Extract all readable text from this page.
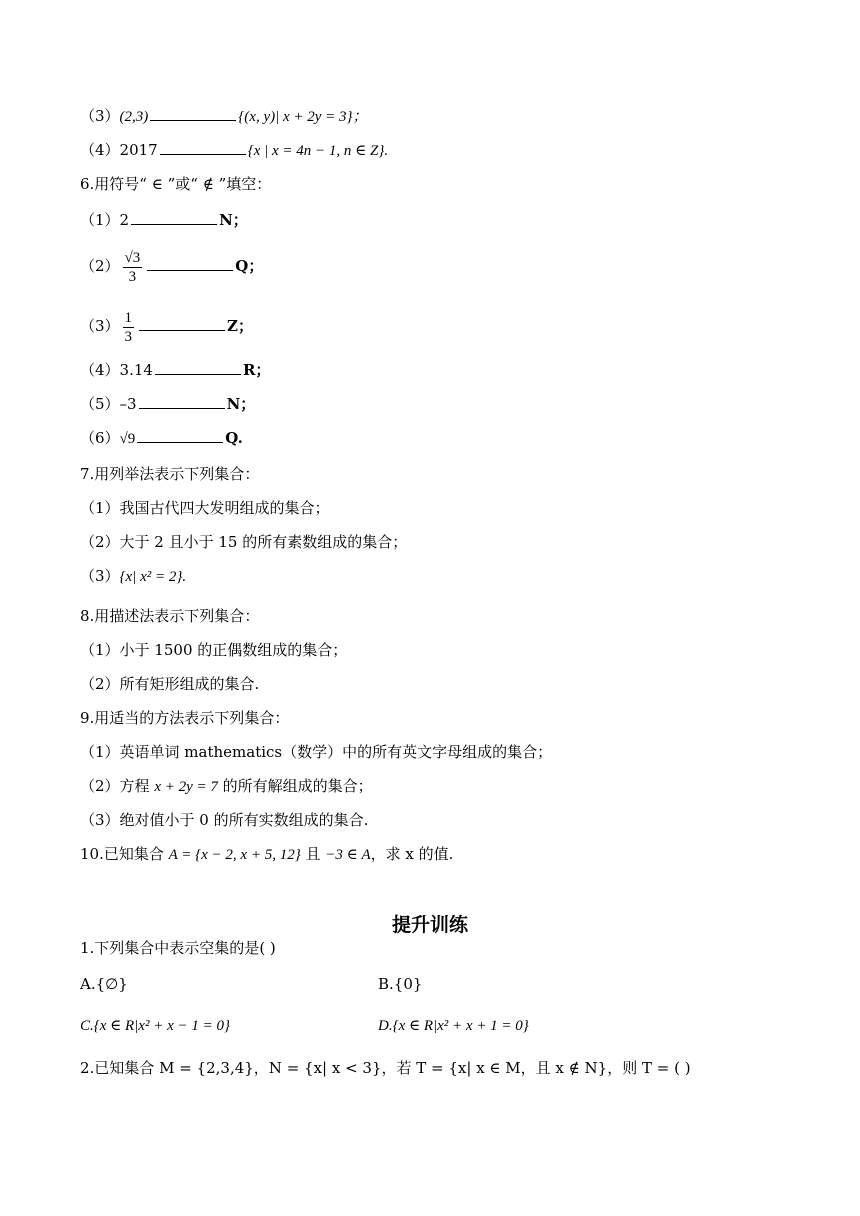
（3）(2,3)	{(x, y)| x + 2y = 3}；
（4）2017	{x | x = 4n − 1, n ∈ Z}.
6.用符号“ ∈ ”或“ ∉ ”填空：
（1）2	N；
$(2) \frac{√3}{3}$	Q；
$(3) \frac{1}{3}$	Z；
（4）3.14	R；
（5）–3	N；
（6）√9	Q.
7.用列举法表示下列集合：
（1）我国古代四大发明组成的集合；
（2）大于 2 且小于 15 的所有素数组成的集合；
（3）{x| x² = 2}.
8.用描述法表示下列集合：
（1）小于 1500 的正偶数组成的集合；
（2）所有矩形组成的集合.
9.用适当的方法表示下列集合：
（1）英语单词 mathematics（数学）中的所有英文字母组成的集合；
（2）方程 x + 2y = 7 的所有解组成的集合；
（3）绝对值小于 0 的所有实数组成的集合.
10.已知集合 A = {x − 2, x + 5, 12} 且 −3 ∈ A，求 x 的值.
提升训练
1.下列集合中表示空集的是( )
A.{∅}	B.{0}
C.{x ∈ R|x² + x − 1 = 0}	D.{x ∈ R|x² + x + 1 = 0}
2.已知集合 M = {2,3,4}，N = {x| x < 3}，若 T = {x| x ∈ M，且 x ∉ N}，则 T = ( )
